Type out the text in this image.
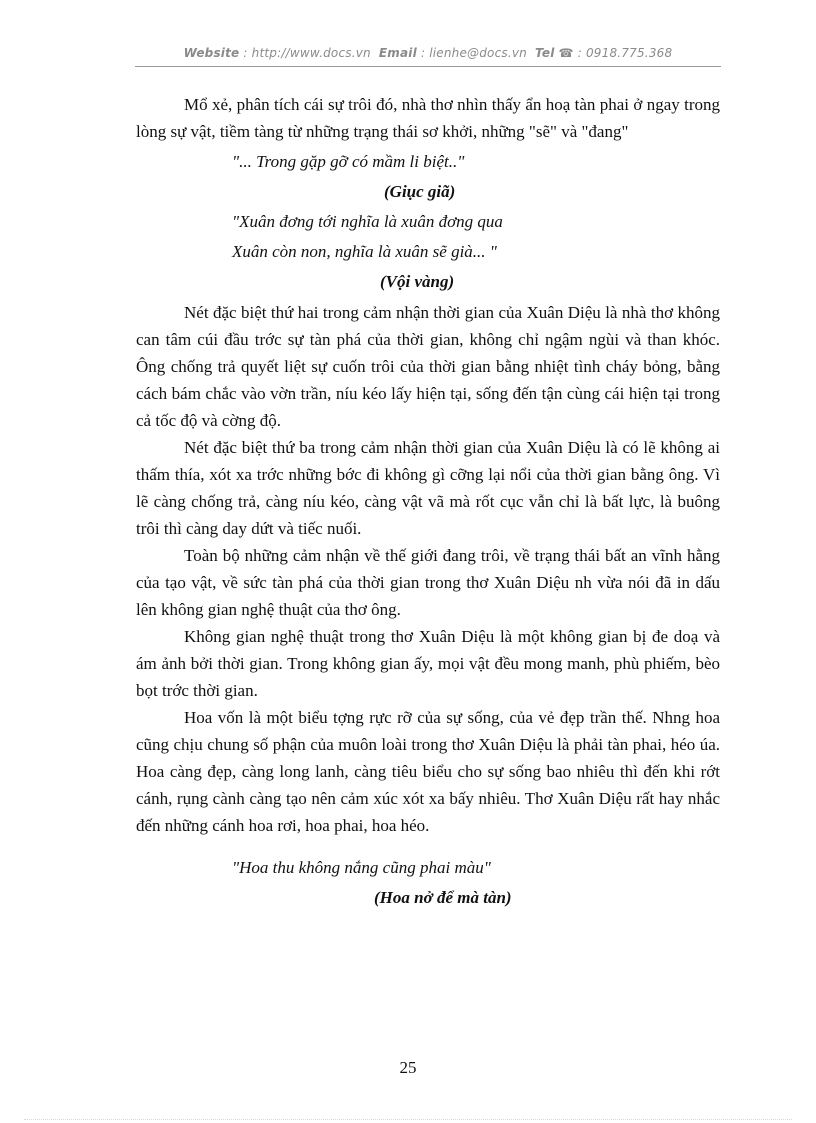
Website : http://www.docs.vn Email : lienhe@docs.vn Tel ☎ : 0918.775.368

Mổ xẻ, phân tích cái sự trôi đó, nhà thơ nhìn thấy ẩn hoạ tàn phai ở ngay trong lòng sự vật, tiềm tàng từ những trạng thái sơ khởi, những "sẽ" và "đang"

"... Trong gặp gỡ có mầm li biệt.."

(Giục giã)

"Xuân đơng tới nghĩa là xuân đơng qua

Xuân còn non, nghĩa là xuân sẽ già... "

(Vội vàng)

Nét đặc biệt thứ hai trong cảm nhận thời gian của Xuân Diệu là nhà thơ không can tâm cúi đầu trớc sự tàn phá của thời gian, không chỉ ngậm ngùi và than khóc. Ông chống trả quyết liệt sự cuốn trôi của thời gian bằng nhiệt tình cháy bỏng, bằng cách bám chắc vào vờn trần, níu kéo lấy hiện tại, sống đến tận cùng cái hiện tại trong cả tốc độ và cờng độ.

Nét đặc biệt thứ ba trong cảm nhận thời gian của Xuân Diệu là có lẽ không ai thấm thía, xót xa trớc những bớc đi không gì cỡng lại nổi của thời gian bằng ông. Vì lẽ càng chống trả, càng níu kéo, càng vật vã mà rốt cục vẫn chỉ là bất lực, là buông trôi thì càng day dứt và tiếc nuối.

Toàn bộ những cảm nhận về thế giới đang trôi, về trạng thái bất an vĩnh hằng của tạo vật, về sức tàn phá của thời gian trong thơ Xuân Diệu nh vừa nói đã in dấu lên không gian nghệ thuật của thơ ông.

Không gian nghệ thuật trong thơ Xuân Diệu là một không gian bị đe doạ và ám ảnh bởi thời gian. Trong không gian ấy, mọi vật đều mong manh, phù phiếm, bèo bọt trớc thời gian.

Hoa vốn là một biểu tợng rực rỡ của sự sống, của vẻ đẹp trần thế. Nhng hoa cũng chịu chung số phận của muôn loài trong thơ Xuân Diệu là phải tàn phai, héo úa. Hoa càng đẹp, càng long lanh, càng tiêu biểu cho sự sống bao nhiêu thì đến khi rớt cánh, rụng cành càng tạo nên cảm xúc xót xa bấy nhiêu. Thơ Xuân Diệu rất hay nhắc đến những cánh hoa rơi, hoa phai, hoa héo.

"Hoa thu không nắng cũng phai màu"

(Hoa nở để mà tàn)

25
